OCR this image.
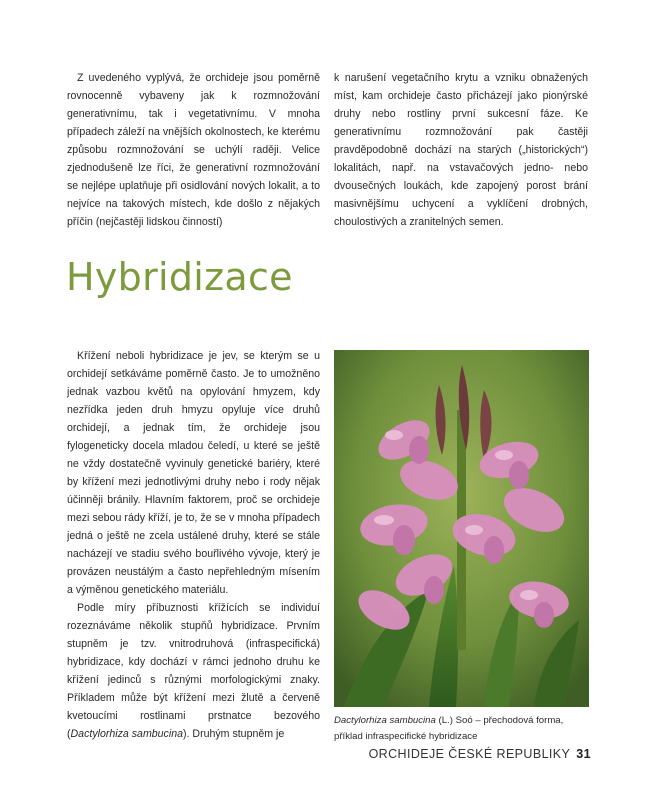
Z uvedeného vyplývá, že orchideje jsou poměrně rovnocenně vybaveny jak k rozmnožování generativnímu, tak i vegetativnímu. V mnoha případech záleží na vnějších okolnostech, ke kterému způsobu rozmnožování se uchýlí raději. Velice zjednodušeně lze říci, že generativní rozmnožování se nejlépe uplatňuje při osidlování nových lokalit, a to nejvíce na takových místech, kde došlo z nějakých příčin (nejčastěji lidskou činností)

k narušení vegetačního krytu a vzniku obnažených míst, kam orchideje často přicházejí jako pionýrské druhy nebo rostliny první sukcesní fáze. Ke generativnímu rozmnožování pak častěji pravděpodobně dochází na starých („historických“) lokalitách, např. na vstavačových jedno- nebo dvousečných loukách, kde zapojený porost brání masivnějšímu uchycení a vyklíčení drobných, choulostivých a zranitelných semen.

Hybridizace

Křížení neboli hybridizace je jev, se kterým se u orchidejí setkáváme poměrně často. Je to umožněno jednak vazbou květů na opylování hmyzem, kdy nezřídka jeden druh hmyzu opyluje více druhů orchidejí, a jednak tím, že orchideje jsou fylogeneticky docela mladou čeledí, u které se ještě ne vždy dostatečně vyvinuly genetické bariéry, které by křížení mezi jednotlivými druhy nebo i rody nějak účinněji bránily. Hlavním faktorem, proč se orchideje mezi sebou rády kříží, je to, že se v mnoha případech jedná o ještě ne zcela ustálené druhy, které se stále nacházejí ve stadiu svého bouřlivého vývoje, který je provázen neustálým a často nepřehledným mísením a výměnou genetického materiálu.

Podle míry příbuznosti křížících se individuí rozeznáváme několik stupňů hybridizace. Prvním stupněm je tzv. vnitrodruhová (infraspecifická) hybridizace, kdy dochází v rámci jednoho druhu ke křížení jedinců s různými morfologickými znaky. Příkladem může být křížení mezi žlutě a červeně kvetoucími rostlinami prstnatce bezového (Dactylorhiza sambucina). Druhým stupněm je

Dactylorhiza sambucina (L.) Soó – přechodová forma, příklad infraspecifické hybridizace

ORCHIDEJE ČESKÉ REPUBLIKY 31
